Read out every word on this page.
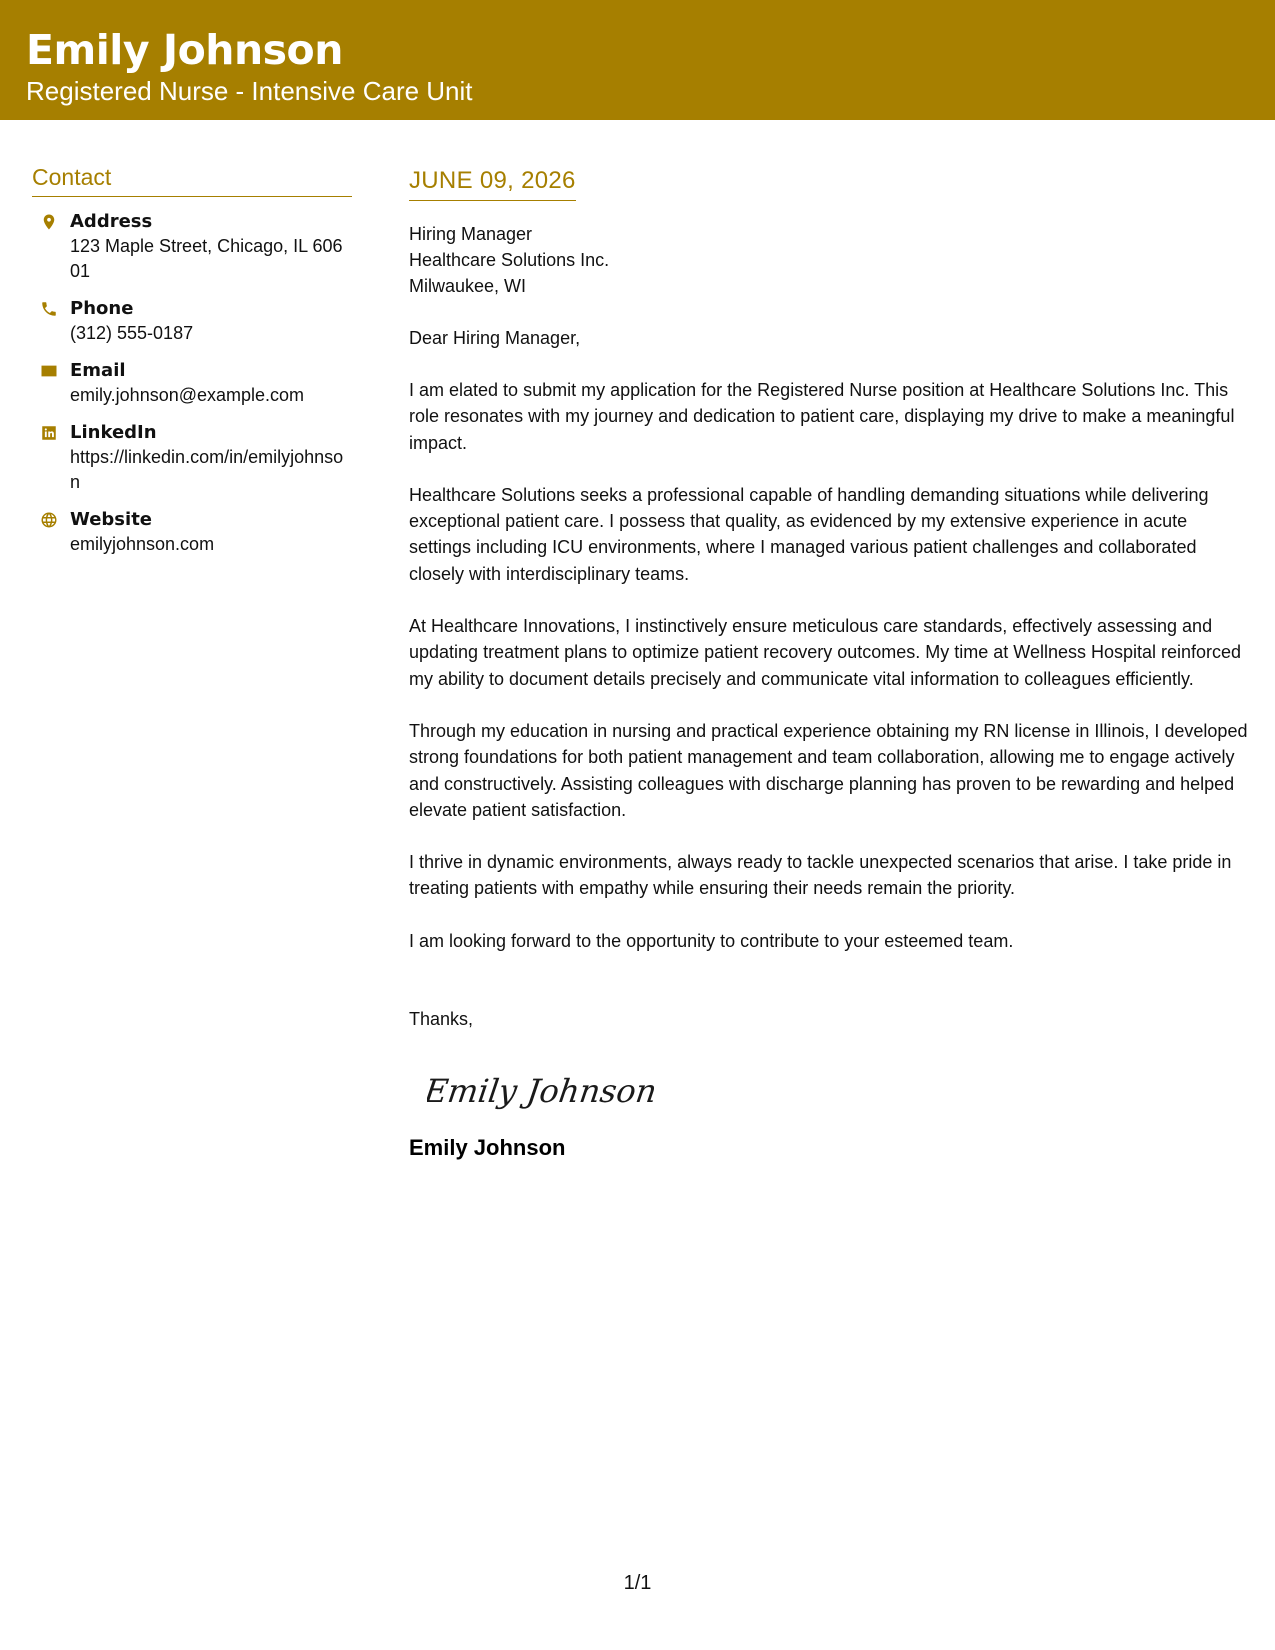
Emily Johnson
Registered Nurse - Intensive Care Unit
Contact
Address
123 Maple Street, Chicago, IL 60601
Phone
(312) 555-0187
Email
emily.johnson@example.com
LinkedIn
https://linkedin.com/in/emilyjohnson
Website
emilyjohnson.com
JUNE 09, 2026
Hiring Manager
Healthcare Solutions Inc.
Milwaukee, WI
Dear Hiring Manager,

I am elated to submit my application for the Registered Nurse position at Healthcare Solutions Inc. This role resonates with my journey and dedication to patient care, displaying my drive to make a meaningful impact.

Healthcare Solutions seeks a professional capable of handling demanding situations while delivering exceptional patient care. I possess that quality, as evidenced by my extensive experience in acute settings including ICU environments, where I managed various patient challenges and collaborated closely with interdisciplinary teams.

At Healthcare Innovations, I instinctively ensure meticulous care standards, effectively assessing and updating treatment plans to optimize patient recovery outcomes. My time at Wellness Hospital reinforced my ability to document details precisely and communicate vital information to colleagues efficiently.

Through my education in nursing and practical experience obtaining my RN license in Illinois, I developed strong foundations for both patient management and team collaboration, allowing me to engage actively and constructively. Assisting colleagues with discharge planning has proven to be rewarding and helped elevate patient satisfaction.

I thrive in dynamic environments, always ready to tackle unexpected scenarios that arise. I take pride in treating patients with empathy while ensuring their needs remain the priority.

I am looking forward to the opportunity to contribute to your esteemed team.

Thanks,
Emily Johnson
Emily Johnson
1/1
